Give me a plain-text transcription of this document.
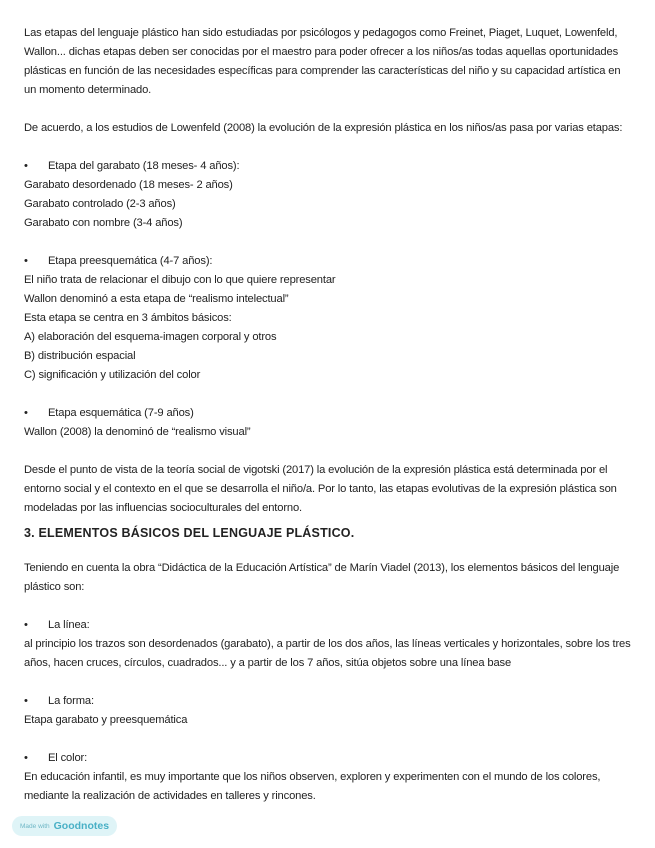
Las etapas del lenguaje plástico han sido estudiadas por psicólogos y pedagogos como Freinet, Piaget, Luquet, Lowenfeld, Wallon... dichas etapas deben ser conocidas por el maestro para poder ofrecer a los niños/as todas aquellas oportunidades plásticas en función de las necesidades específicas para comprender las características del niño y su capacidad artística en un momento determinado.

De acuerdo, a los estudios de Lowenfeld (2008) la evolución de la expresión plástica en los niños/as pasa por varias etapas:

•	Etapa del garabato (18 meses- 4 años):

Garabato desordenado (18 meses- 2 años)

Garabato controlado (2-3 años)

Garabato con nombre (3-4 años)

•	Etapa preesquemática (4-7 años):

El niño trata de relacionar el dibujo con lo que quiere representar

Wallon denominó a esta etapa de “realismo intelectual”

Esta etapa se centra en 3 ámbitos básicos:

A) elaboración del esquema-imagen corporal y otros

B) distribución espacial

C) significación y utilización del color

•	Etapa esquemática (7-9 años)

Wallon (2008) la denominó de “realismo visual”

Desde el punto de vista de la teoría social de vigotski (2017) la evolución de la expresión plástica está determinada por el entorno social y el contexto en el que se desarrolla el niño/a. Por lo tanto, las etapas evolutivas de la expresión plástica son modeladas por las influencias socioculturales del entorno.

3. ELEMENTOS BÁSICOS DEL LENGUAJE PLÁSTICO.

Teniendo en cuenta la obra “Didáctica de la Educación Artística” de Marín Viadel (2013), los elementos básicos del lenguaje plástico son:

•	La línea:

al principio los trazos son desordenados (garabato), a partir de los dos años, las líneas verticales y horizontales, sobre los tres años, hacen cruces, círculos, cuadrados... y a partir de los 7 años, sitúa objetos sobre una línea base

•	La forma:

Etapa garabato y preesquemática

•	El color:

En educación infantil, es muy importante que los niños observen, exploren y experimenten con el mundo de los colores, mediante la realización de actividades en talleres y rincones.

Made with Goodnotes
